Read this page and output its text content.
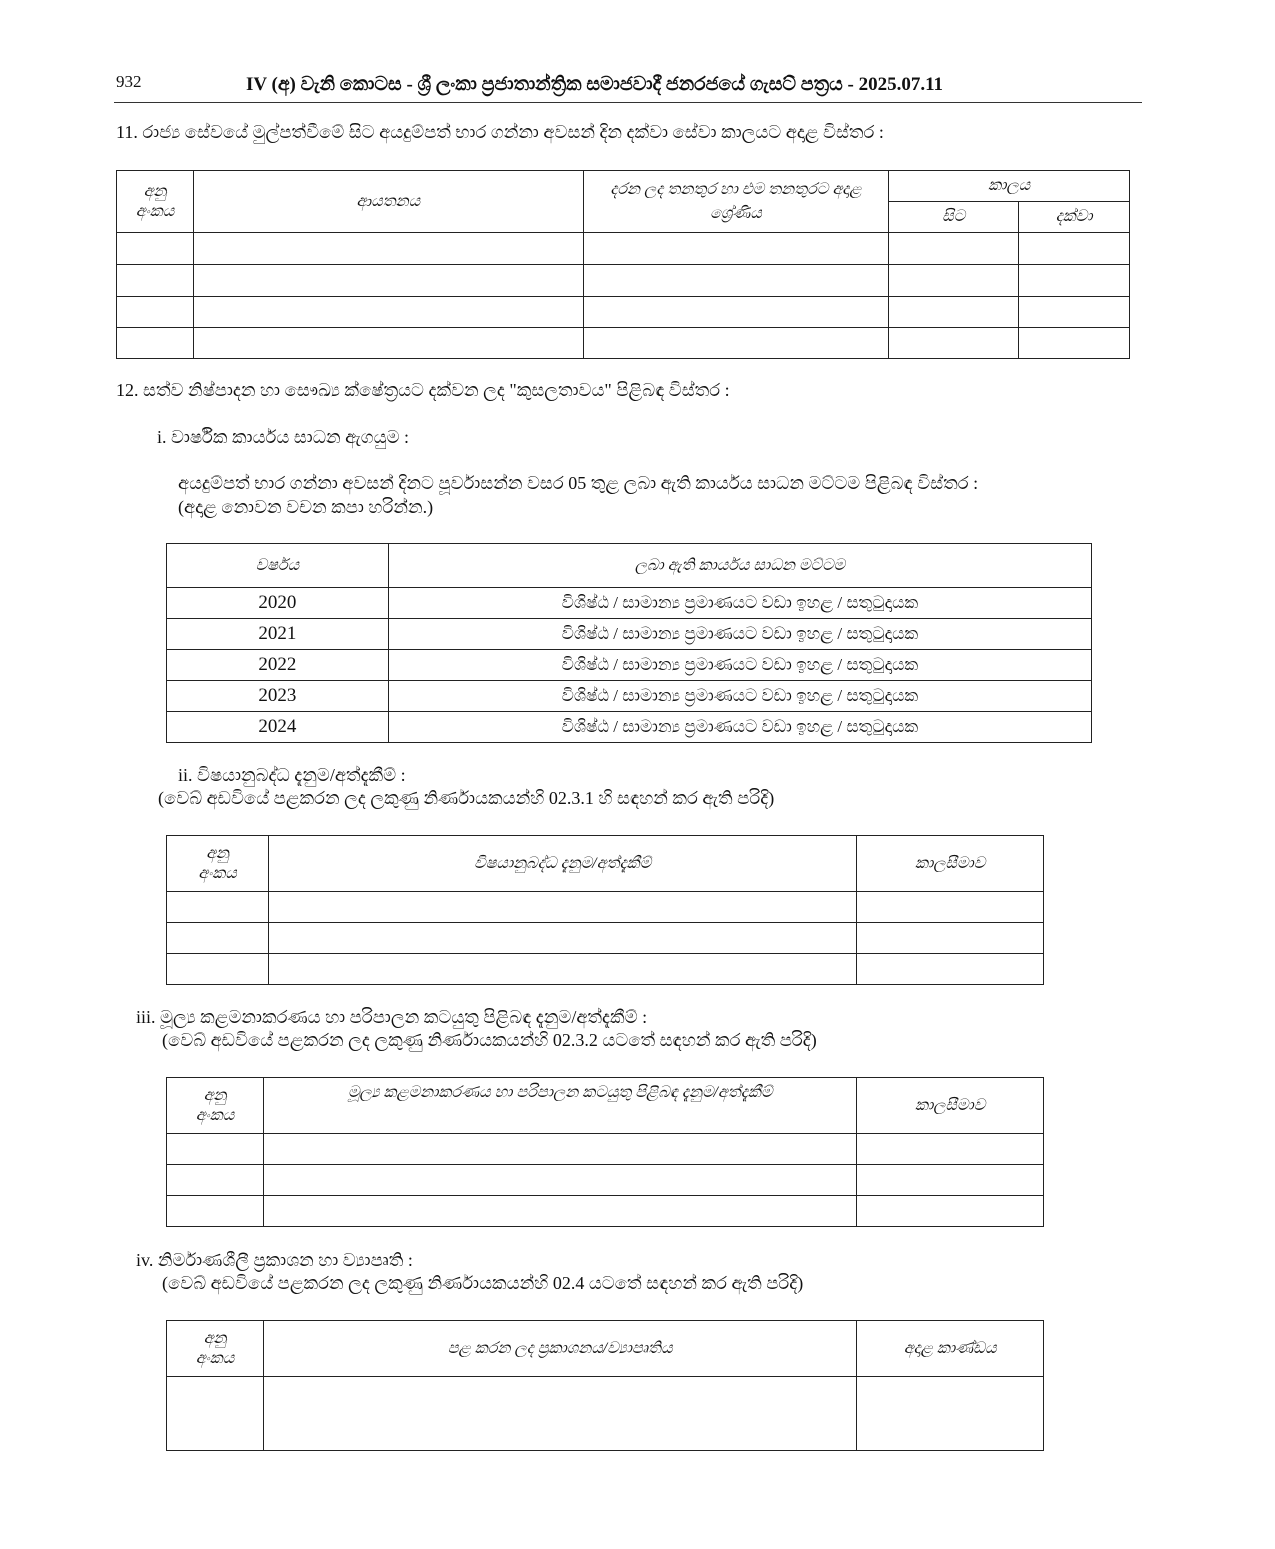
932	IV (අ) වැනි කොටස - ශ්‍රී ලංකා ප්‍රජාතාන්ත්‍රික සමාජවාදී ජනරජයේ ගැසට් පත්‍රය - 2025.07.11
11. රාජ්‍ය සේවයේ මුල්පත්වීමේ සිට අයදුම්පත් භාර ගන්නා අවසන් දින දක්වා සේවා කාලයට අදාළ විස්තර :
අනු අංකය	ආයතනය	දරන ලද තනතුර හා එම තනතුරට අදාළ ශ්‍රේණිය	කාලය	
			සිට	දක්වා

12. සත්ව නිෂ්පාදන හා සෞඛ්‍ය ක්ෂේත්‍රයට දක්වන ලද "කුසලතාවය" පිළිබඳ විස්තර :
i. වාර්ෂික කාර්යය සාධන ඇගයුම :
අයදුම්පත් භාර ගන්නා අවසන් දිනට පූර්වාසන්න වසර 05 තුළ ලබා ඇති කාර්යය සාධන මට්ටම පිළිබඳ විස්තර :
(අදාළ නොවන වචන කපා හරින්න.)
වර්ෂය	ලබා ඇති කාර්යය සාධන මට්ටම
2020	විශිෂ්ඨ / සාමාන්‍ය ප්‍රමාණයට වඩා ඉහළ / සතුටුදායක
2021	විශිෂ්ඨ / සාමාන්‍ය ප්‍රමාණයට වඩා ඉහළ / සතුටුදායක
2022	විශිෂ්ඨ / සාමාන්‍ය ප්‍රමාණයට වඩා ඉහළ / සතුටුදායක
2023	විශිෂ්ඨ / සාමාන්‍ය ප්‍රමාණයට වඩා ඉහළ / සතුටුදායක
2024	විශිෂ්ඨ / සාමාන්‍ය ප්‍රමාණයට වඩා ඉහළ / සතුටුදායක
ii. විෂයානුබද්ධ දැනුම/අත්දැකීම් :
(වෙබ් අඩවියේ පළකරන ලද ලකුණු නිර්ණායකයන්හි 02.3.1 හි සඳහන් කර ඇති පරිදි)
අනු අංකය	විෂයානුබද්ධ දැනුම/අත්දැකීම්	කාලසීමාව

iii. මූල්‍ය කළමනාකරණය හා පරිපාලන කටයුතු පිළිබඳ දැනුම/අත්දැකීම් :
(වෙබ් අඩවියේ පළකරන ලද ලකුණු නිර්ණායකයන්හි 02.3.2 යටතේ සඳහන් කර ඇති පරිදි)
අනු අංකය	මූල්‍ය කළමනාකරණය හා පරිපාලන කටයුතු පිළිබඳ දැනුම/අත්දැකීම්	කාලසීමාව

iv. නිර්මාණශීලී ප්‍රකාශන හා ව්‍යාපෘති :
(වෙබ් අඩවියේ පළකරන ලද ලකුණු නිර්ණායකයන්හි 02.4 යටතේ සඳහන් කර ඇති පරිදි)
අනු අංකය	පළ කරන ලද ප්‍රකාශනය/ව්‍යාපෘතිය	අදාළ කාණ්ඩය
